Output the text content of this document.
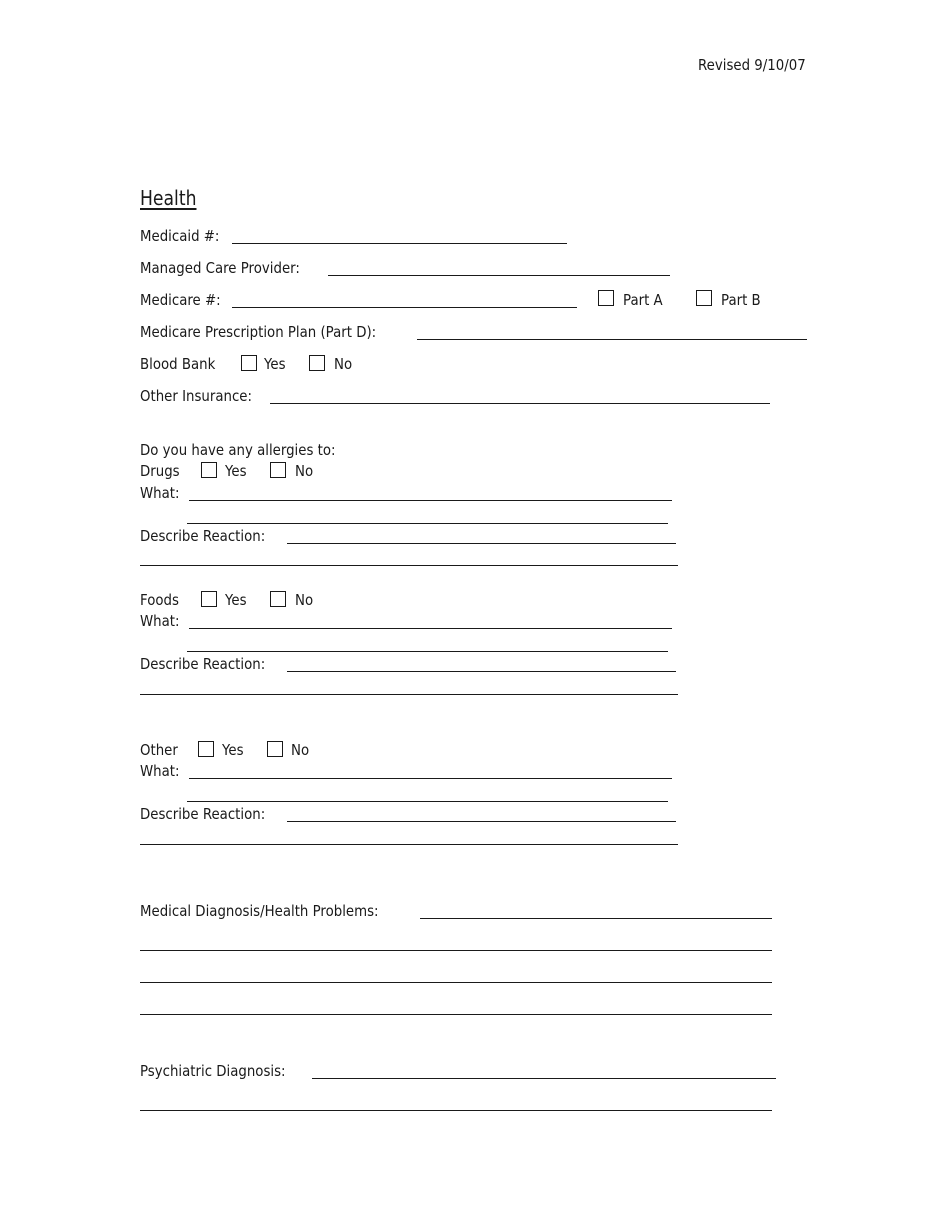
Revised 9/10/07
Health
Medicaid #:
Managed Care Provider:
Medicare #:	Part A	Part B
Medicare Prescription Plan (Part D):
Blood Bank	Yes	No
Other Insurance:
Do you have any allergies to:
Drugs	Yes	No
What:
Describe Reaction:
Foods	Yes	No
What:
Describe Reaction:
Other	Yes	No
What:
Describe Reaction:
Medical Diagnosis/Health Problems:
Psychiatric Diagnosis:
